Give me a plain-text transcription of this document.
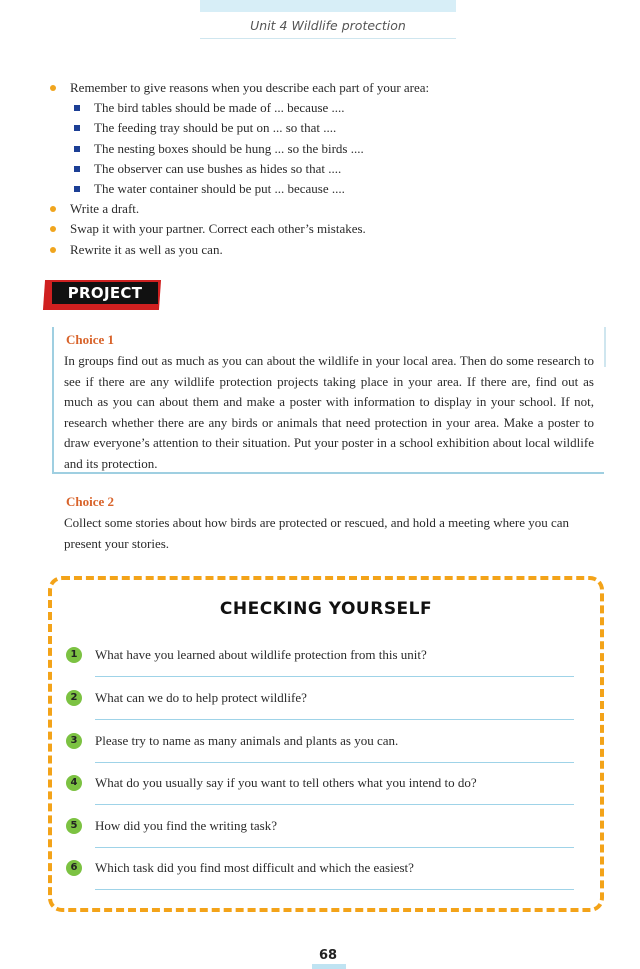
Unit 4 Wildlife protection
Remember to give reasons when you describe each part of your area:
The bird tables should be made of ... because ....
The feeding tray should be put on ... so that ....
The nesting boxes should be hung ... so the birds ....
The observer can use bushes as hides so that ....
The water container should be put ... because ....
Write a draft.
Swap it with your partner. Correct each other’s mistakes.
Rewrite it as well as you can.
PROJECT
Choice 1
In groups find out as much as you can about the wildlife in your local area. Then do some research to see if there are any wildlife protection projects taking place in your area. If there are, find out as much as you can about them and make a poster with information to display in your school. If not, research whether there are any birds or animals that need protection in your area. Make a poster to draw everyone’s attention to their situation. Put your poster in a school exhibition about local wildlife and its protection.
Choice 2
Collect some stories about how birds are protected or rescued, and hold a meeting where you can present your stories.
CHECKING YOURSELF
1	What have you learned about wildlife protection from this unit?
2	What can we do to help protect wildlife?
3	Please try to name as many animals and plants as you can.
4	What do you usually say if you want to tell others what you intend to do?
5	How did you find the writing task?
6	Which task did you find most difficult and which the easiest?
68
